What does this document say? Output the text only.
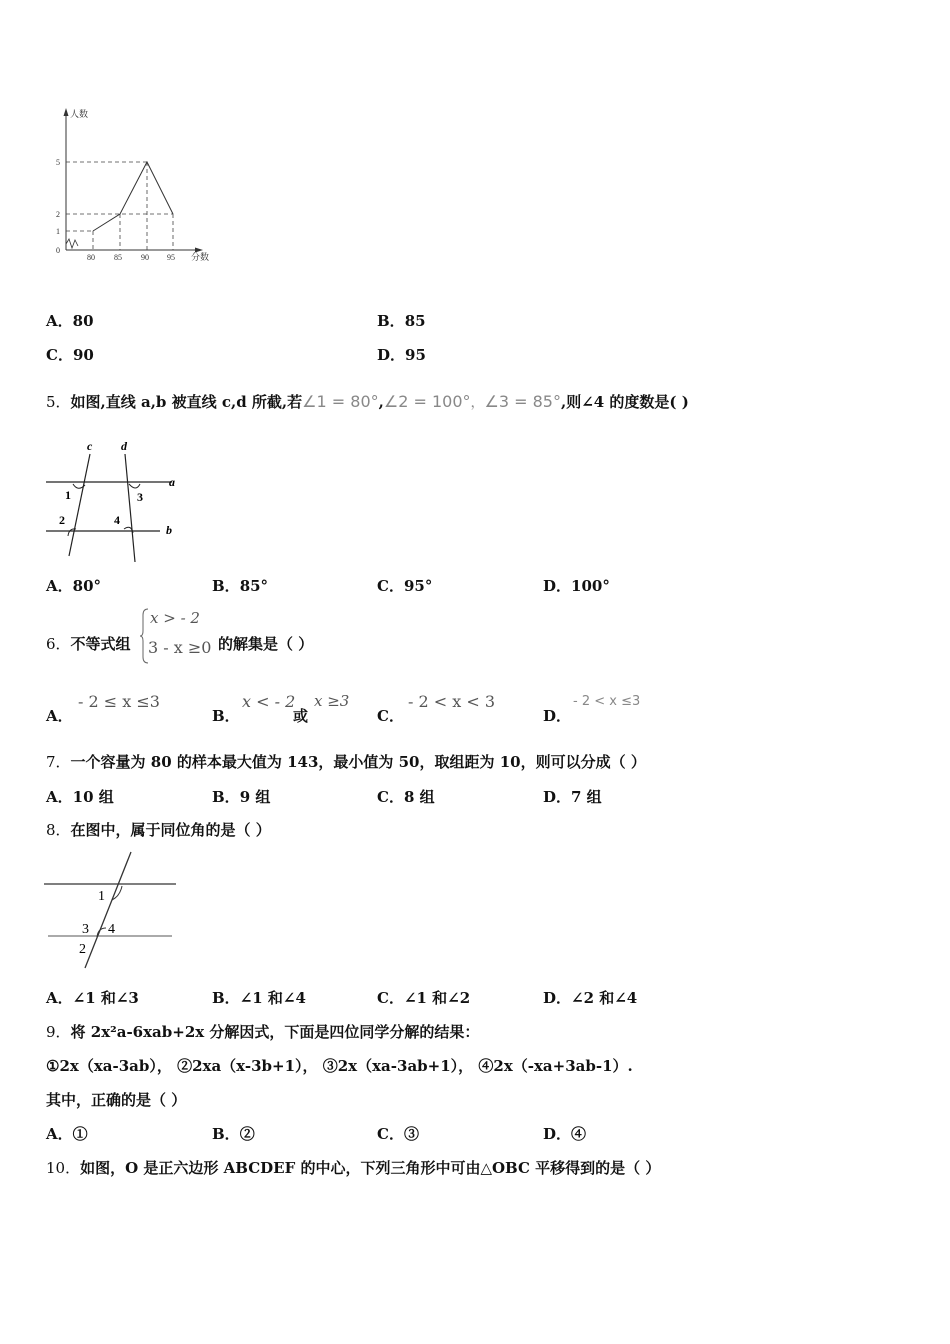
人数
分数
0
1
2
5
80 85 90 95
A．80	B．85
C．90	D．95
5．如图,直线 a,b 被直线 c,d 所截,若∠1 = 80°,∠2 = 100°，∠3 = 85°,则∠4 的度数是( )
c d
a
b
1	3
2	4
A．80°	B．85°	C．95°	D．100°
6．不等式组
x > - 2
3 - x ≥0 的解集是（ ）
A．
- 2 ≤ x ≤3
B．
x < - 2
或
x ≥3
C．
- 2 < x < 3
D．
- 2 < x ≤3
7．一个容量为 80 的样本最大值为 143，最小值为 50，取组距为 10，则可以分成（ ）
A．10 组	B．9 组	C．8 组	D．7 组
8．在图中，属于同位角的是（ ）
1
3 4
2
A．∠1 和∠3	B．∠1 和∠4	C．∠1 和∠2	D．∠2 和∠4
9．将 2x²a-6xab+2x 分解因式，下面是四位同学分解的结果：
①2x（xa-3ab）， ②2xa（x-3b+1）， ③2x（xa-3ab+1）， ④2x（-xa+3ab-1）.
其中，正确的是（ ）
A．①	B．②	C．③	D．④
10．如图，O 是正六边形 ABCDEF 的中心，下列三角形中可由△OBC 平移得到的是（ ）
